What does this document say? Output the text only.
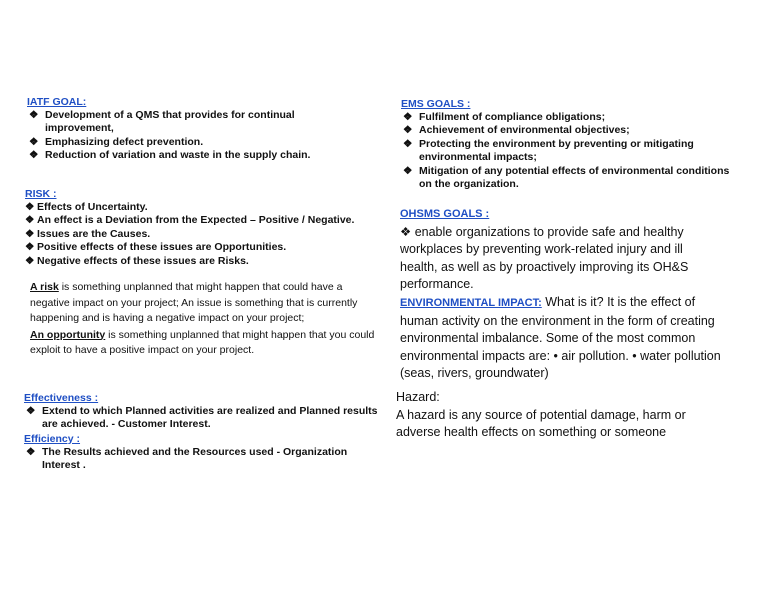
IATF GOAL:
❖ Development of a QMS that provides for continual improvement,
❖ Emphasizing defect prevention.
❖ Reduction of variation and waste in the supply chain.
RISK :
❖ Effects of Uncertainty.
❖ An effect is a Deviation from the Expected – Positive / Negative.
❖ Issues are the Causes.
❖ Positive effects of these issues are Opportunities.
❖ Negative effects of these issues are Risks.
A risk is something unplanned that might happen that could have a negative impact on your project; An issue is something that is currently happening and is having a negative impact on your project;
An opportunity is something unplanned that might happen that you could exploit to have a positive impact on your project.
Effectiveness :
❖ Extend to which Planned activities are realized and Planned results are achieved. - Customer Interest.
Efficiency :
❖ The Results achieved and the Resources used - Organization Interest .
EMS GOALS :
❖ Fulfilment of compliance obligations;
❖ Achievement of environmental objectives;
❖ Protecting the environment by preventing or mitigating environmental impacts;
❖ Mitigation of any potential effects of environmental conditions on the organization.
OHSMS GOALS :
❖ enable organizations to provide safe and healthy workplaces by preventing work-related injury and ill health, as well as by proactively improving its OH&S performance.
ENVIRONMENTAL IMPACT: What is it? It is the effect of human activity on the environment in the form of creating environmental imbalance. Some of the most common environmental impacts are: • air pollution. • water pollution (seas, rivers, groundwater)
Hazard:
A hazard is any source of potential damage, harm or adverse health effects on something or someone
